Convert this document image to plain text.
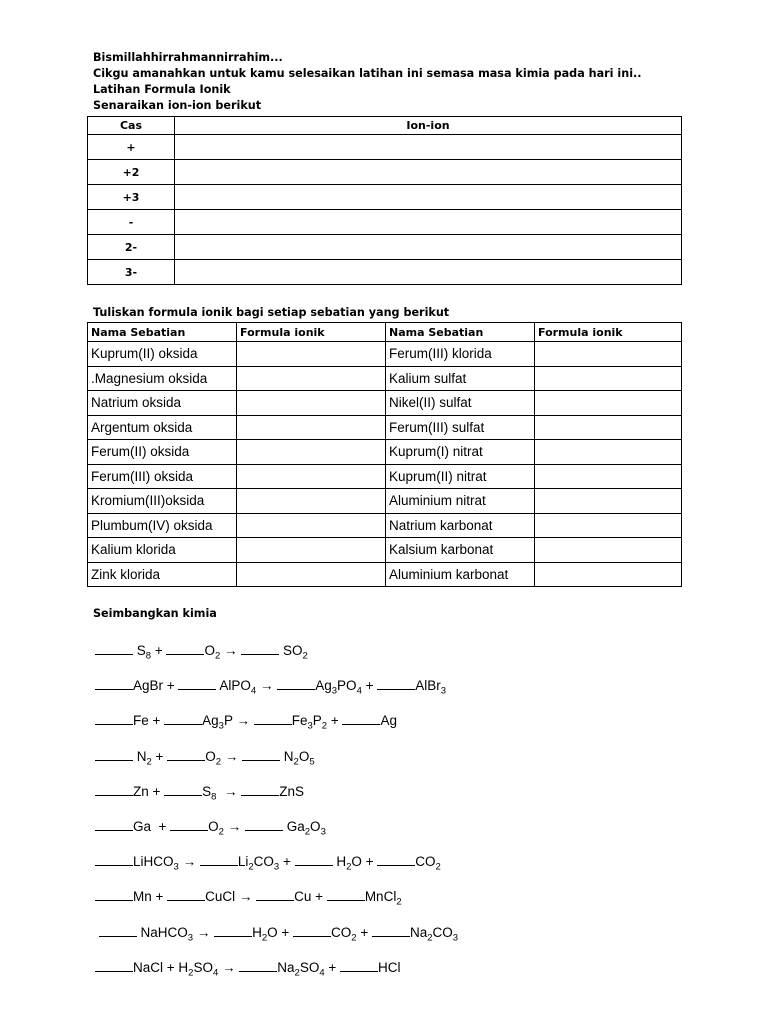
Bismillahhirrahmannirrahim...
Cikgu amanahkan untuk kamu selesaikan latihan ini semasa masa kimia pada hari ini..
Latihan Formula Ionik
Senaraikan ion-ion berikut
Cas	Ion-ion
+	
+2	
+3	
-	
2-	
3-	
Tuliskan formula ionik bagi setiap sebatian yang berikut
Nama Sebatian	Formula ionik	Nama Sebatian	Formula ionik
Kuprum(II) oksida		Ferum(III) klorida	
.Magnesium oksida		Kalium sulfat	
Natrium oksida		Nikel(II) sulfat	
Argentum oksida		Ferum(III) sulfat	
Ferum(II) oksida		Kuprum(I) nitrat	
Ferum(III) oksida		Kuprum(II) nitrat	
Kromium(III)oksida		Aluminium nitrat	
Plumbum(IV) oksida		Natrium karbonat	
Kalium klorida		Kalsium karbonat	
Zink klorida		Aluminium karbonat	
Seimbangkan kimia
$S_8$ +	$O_2$ →	$SO_2$
AgBr +	AlPO$_4$ →	$Ag_3PO_4$ +	AlBr$_3$
Fe +	$Ag_3P$ →	$Fe_3P_2$ +	Ag
$N_2$ +	$O_2$ →	$N_2O_5$
Zn +	$S_8$  →	ZnS
Ga  +	$O_2$ →	$Ga_2O_3$
LiHCO$_3$ →	$Li_2CO_3$ +	$H_2O$ +	$CO_2$
Mn +	CuCl →	Cu +	MnCl$_2$
NaHCO$_3$ →	$H_2O$ +	$CO_2$ +	$Na_2CO_3$
NaCl + $H_2SO_4$ →	$Na_2SO_4$ +	HCl
